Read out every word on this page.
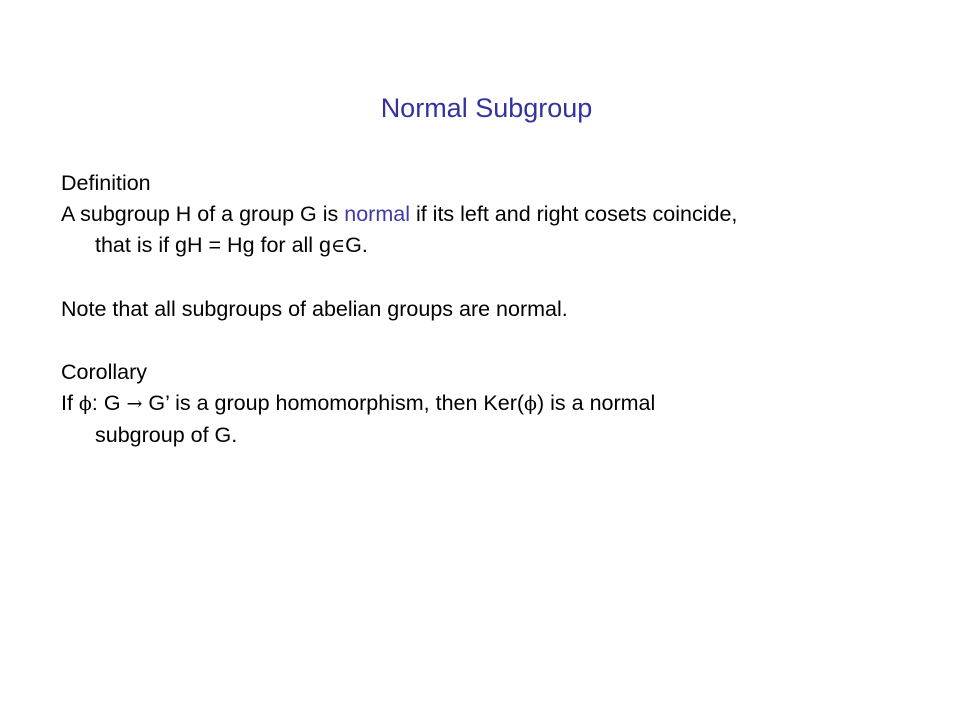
Normal Subgroup

Definition

A subgroup H of a group G is normal if its left and right cosets coincide,

that is if gH = Hg for all g∈G.

Note that all subgroups of abelian groups are normal.

Corollary

If ϕ: G → G’ is a group homomorphism, then Ker(ϕ) is a normal

subgroup of G.
